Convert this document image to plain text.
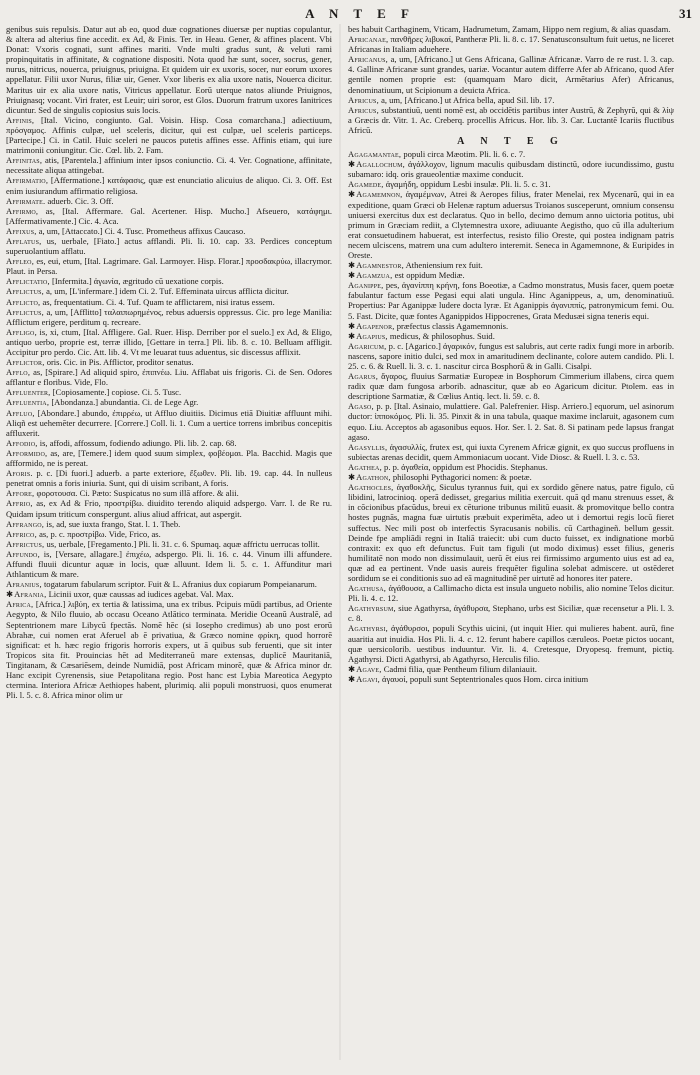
A N T E F	31

genibus suis repulsis. Datur aut ab eo, quod duæ cognationes diuersæ per nuptias copulantur, & altera ad alterius fine accedit. ex Ad, & Finis. Ter. in Heau. Gener, & affines placent. Vbi Donat: Vxoris cognati, sunt affines mariti. Vnde multi gradus sunt, & veluti rami propinquitatis in affinitate, & cognatione dispositi. Nota quod hæ sunt, socer, socrus, gener, nurus, nitricus, nouerca, priuignus, priuigna. Et quidem uir ex uxoris, socer, nur eorum uxores appellatur. Filii uxor Nurus, filiæ uir, Gener. Vxor liberis ex alia uxore natis, Nouerca dicitur. Maritus uir ex alia uxore natis, Vitricus appellatur. Eorū uterque natos aliunde Priuignos, Priuignasq; vocant. Viri frater, est Leuir; uiri soror, est Glos. Duorum fratrum uxores Ianitrices dicuntur. Sed de singulis copiosius suis locis.

Affinis, [Ital. Vicino, congiunto. Gal. Voisin. Hisp. Cosa comarchana.] adiectiuum, πρόσγαμος. Affinis culpæ, uel sceleris, dicitur, qui est culpæ, uel sceleris particeps. [Partecipe.] Ci. in Catil. Huic sceleri ne paucos putetis affines esse. Affinis etiam, qui iure matrimonii coniungitur. Cic. Cœl. lib. 2. Fam.

Affinitas, atis, [Parentela.] affinium inter ipsos coniunctio. Ci. 4. Ver. Cognatione, affinitate, necessitate aliqua attingebat.

Affirmatio, [Affermatione.] κατάφασις, quæ est enunciatio alicuius de aliquo. Ci. 3. Off. Est enim iusiurandum affirmatio religiosa.

Affirmate. aduerb. Cic. 3. Off.

Affirmo, as, [Ital. Affermare. Gal. Acertener. Hisp. Mucho.] Afseuero, κατάφημι. [Affermativamente.] Cic. 4. Aca.

Affixus, a, um, [Attaccato.] Ci. 4. Tusc. Prometheus affixus Caucaso.

Afflatus, us, uerbale, [Fiato.] actus afflandi. Pli. li. 10. cap. 33. Perdices conceptum superuolantium afflatu.

Affleo, es, eui, etum, [Ital. Lagrimare. Gal. Larmoyer. Hisp. Florar.] προσδακρύω, illacrymor. Plaut. in Persa.

Afflictatio, [Infermita.] ἀγωνία, ægritudo cū uexatione corpis.

Afflictus, a, um, [L'infermare.] idem Ci. 2. Tuf. Effeminata uircus afflicta dicitur.

Afflicto, as, frequentatium. Ci. 4. Tuf. Quam te afflictarem, nisi iratus essem.

Afflictus, a, um, [Afflitto] ταλαιπωρημένος, rebus aduersis oppressus. Cic. pro lege Manilia: Afflictum erigere, perditum q. recreare.

Affligo, is, xi, ctum, [Ital. Affligere. Gal. Ruer. Hisp. Derriber por el suelo.] ex Ad, & Eligo, antiquo uerbo, proprie est, terræ illido, [Gettare in terra.] Pli. lib. 8. c. 10. Belluam affligit. Accipitur pro perdo. Cic. Att. lib. 4. Vt me leuarat tuus aduentus, sic discessus afflixit.

Afflictor, oris. Cic. in Pis. Afflictor, proditor senatus.

Afflo, as, [Spirare.] Ad aliquid spiro, ἐπιπνέω. Liu. Afflabat uis frigoris. Ci. de Sen. Odores afflantur e floribus. Vide, Flo.

Affluenter, [Copiosamente.] copiose. Ci. 5. Tusc.

Affluentia, [Abondanza.] abundantia. Ci. de Lege Agr.

Affluo, [Abondare.] abundo, ἐπιρρέω, ut Affluo diuitiis. Dicimus etiā Diuitiæ affluunt mihi. Aliqñ est uehemēter decurrere. [Correre.] Coll. li. 1. Cum a uertice torrens imbribus concepitis affluxerit.

Affodio, is, affodi, affossum, fodiendo adiungo. Pli. lib. 2. cap. 68.

Afformido, as, are, [Temere.] idem quod suum simplex, φοβέομαι. Pla. Bacchid. Magis que affformido, ne is pereat.

Aforis. p. c. [Di fuori.] aduerb. a parte exteriore, ἔξωθεν. Pli. lib. 19. cap. 44. In nulleus penetrat omnis a foris iniuria. Sunt, qui di uisim scribant, A foris.

Affore, φοροτουσα. Ci. Pæto: Suspicatus no sum illā affore. & alii.

Affrio, as, ex Ad & Frio, προστρίβω. diuidito terendo aliquid adspergo. Varr. l. de Re ru. Quidam ipsum triticum conspergunt. alius aliud affricat, aut aspergit.

Affrango, is, ad, sue iuxta frango, Stat. l. 1. Theb.

Affrico, as, p. c. προστρίβω. Vide, Frico, as.

Affrictus, us, uerbale, [Fregamento.] Pli. li. 31. c. 6. Spumaq. aquæ affrictu uerrucas tollit.

Affundo, is, [Versare, allagare.] ἐπιχέω, adspergo. Pli. li. 16. c. 44. Vinum illi affundere. Affundi fluuii dicuntur aquæ in locis, quæ alluunt. Idem li. 5. c. 1. Affunditur mari Athlanticum & mare.

Afranius, togatarum fabularum scriptor. Fuit & L. Afranius dux copiarum Pompeianarum.

✱Afrania, Licinii uxor, quæ caussas ad iudices agebat. Val. Max.

Africa, [Africa.] λιβύη, ex tertia & latissima, una ex tribus. Pcipuis mūdi partibus, ad Oriente Aegypto, & Nilo fluuio, ab occasu Oceano Atlātico terminata. Meridie Oceanū Australē, ad Septentrionem mare Libycū fpectās. Nomē hēc (si Iosepho credimus) ab uno post erorū Abrahæ, cui nomen erat Aferuel ab ē privatiua, & Græco nomine φρίκη, quod horrorē significat: et h. hæc regio frigoris horroris expers, ut ā quibus sub feruenti, que sit inter Tropicos sita fit. Prouincias hēt ad Mediterraneū mare extensas, duplicē Mauritaniā, Tingitanam, & Cæsariēsem, deinde Numidiā, post Africam minorē, quæ & Africa minor dr. Hanc excipit Cyrenensis, siue Petapolitana regio. Post hanc est Lybia Mareotica Aegypto ctermina. Interiora Africæ Aethiopes habent, plurimiq. alii populi monstruosi, quos enumerat Pli. l. 5. c. 8. Africa minor olim ur

bes habuit Carthaginem, Vticam, Hadrumetum, Zamam, Hippo nem regium, & alias quasdam.

Africanae, πανθῆρες λιβυκαί, Pantheræ Pli. li. 8. c. 17. Senatusconsultum fuit uetus, ne liceret Africanas in Italiam aduehere.

Africanus, a, um, [Africano.] ut Gens Africana, Gallinæ Africanæ. Varro de re rust. l. 3. cap. 4. Gallinæ Africanæ sunt grandes, uariæ. Vocantur autem differre Afer ab Africano, quod Afer gentile nomen proprie est: (quamquam Maro dicit, Armētarius Afer) Africanus, denominatiuum, ut Scipionum a deuicta Africa.

Africus, a, um, [Africano.] ut Africa bella, apud Sil. lib. 17.

Africus, substantiuū, uenti nomē est, ab occidētis partibus inter Austrū, & Zephyrū, qui & λίψ a Græcis dr. Vitr. 1. Ac. Creberq. procellis Africus. Hor. lib. 3. Car. Luctantē Icariis fluctibus Africū.

A N T E G

Agagamantae, populi circa Mæotim. Pli. li. 6. c. 7.

✱Agallochum, ἀγάλλοχον, lignum maculis quibusdam distinctū, odore iucundissimo, gustu subamaro: idq. oris graueolentiæ maxime conducit.

Agamede, ἀγαμήδη, oppidum Lesbi insulæ. Pli. li. 5. c. 31.

✱Agamemnon, ἀγαμέμνων, Atrei & Aeropes filius, frater Menelai, rex Mycenarū, qui in ea expeditione, quam Græci ob Helenæ raptum aduersus Troianos susceperunt, omnium consensu uniuersi exercitus dux est declaratus. Quo in bello, decimo demum anno uictoria potitus, ubi primum in Græciam rediit, a Clytemnestra uxore, adiuuante Aegistho, quo cū illa adulterium erat consuetudinem habuerat, est interfectus, resisto filio Oreste, qui postea indignam patris necem ulciscens, matrem una cum adultero interemit. Seneca in Agamemnone, & Euripides in Oreste.

✱Agamnestor, Atheniensium rex fuit.

✱Agamzua, est oppidum Mediæ.

Aganippe, pes, ἀγανίππη κρήνη, fons Boeotiæ, a Cadmo monstratus, Musis facer, quem poetæ fabulantur factum esse Pegasi equi alati ungula. Hinc Aganippeus, a, um, denominatiuū. Propertius: Par Aganippæ ludere docta lyræ. Et Aganippis ἀγανιππίς, patronymicum femi. Ou. 5. Fast. Dicite, quæ fontes Aganippidos Hippocrenes, Grata Medusæi signa teneris equi.

✱Agapenor, præfectus classis Agamemnonis.

✱Agapius, medicus, & philosophus. Suid.

Agaricum, p. c. [Agarico.] ἀγαρικόν, fungus est salubris, aut certe radix fungi more in arborib. nascens, sapore initio dulci, sed mox in amaritudinem declinante, colore autem candido. Pli. l. 25. c. 6. & Ruell. li. 3. c. 1. nascitur circa Bosphorū & in Galli. Cisalpi.

Agarus, ἄγαρος, fluuius Sarmatiæ Europeæ in Bosphorum Cimmerium illabens, circa quem radix quæ dam fungosa arborib. adnascitur, quæ ab eo Agaricum dicitur. Ptolem. eas in descriptione Sarmatiæ, & Cœlius Antiq. lect. li. 59. c. 8.

Agaso, p. p. [Ital. Asinaio, mulattiere. Gal. Palefrenier. Hisp. Arriero.] equorum, uel asinorum ductor: ἱπποκόμος. Pli. li. 35. Pinxit & in una tabula, quaque maxime inclaruit, agasonem cum equo. Liu. Acceptos ab agasonibus equos. Hor. Ser. l. 2. Sat. 8. Si patinam pede lapsus frangat agaso.

Agasyllis, ἀγασυλλίς, frutex est, qui iuxta Cyrenem Africæ gignit, ex quo succus profluens in subiectas arenas decidit, quem Ammoniacum uocant. Vide Diosc. & Ruell. l. 3. c. 53.

Agathea, p. p. ἀγαθεία, oppidum est Phocidis. Stephanus.

✱Agathon, philosophi Pythagorici nomen: & poetæ.

Agathocles, ἀγαθοκλῆς, Siculus tyrannus fuit, qui ex sordido gēnere natus, patre figulo, cū libidini, latrocinioq. operā dedisset, gregarius militia exercuit. quā qd manu strenuus esset, & in cōcionibus pfacūdus, breui ex cēturione tribunus militū euasit. & promovitque bello contra hostes pugnās, magna fuæ uirtutis præbuit experimēta, adeo ut i demortui regis locū fieret suffectus. Nec mili post ob interfectis Syracusanis nobilis. cū Carthagineñ. bellum gessit. Deinde fpe ampliādi regni in Italiā traiecit: ubi cum ducto fuisset, ex indignatione morbū contraxit: ex quo eft defunctus. Fuit tam figuli (ut modo diximus) esset filius, generis humilitatē non modo non dissimulauit, uerū ēt eius rei firmissimo argumento uius est ad ea, quæ ad ea pertinent. Vnde uasis aureis frequēter figulina solebat admiscere. ut ostēderet sordidum se ei conditionis suo ad eā magnitudinē per uirtutē ad honores iter patere.

Agathusa, ἀγάθουσα, a Callimacho dicta est insula ungueto nobilis, alio nomine Telos dicitur. Pli. li. 4. c. 12.

Agathyrsum, siue Agathyrsa, ἀγάθυρσα, Stephano, urbs est Siciliæ, quæ recensetur a Pli. l. 3. c. 8.

Agathyrsi, ἀγάθυρσοι, populi Scythis uicini, (ut inquit Hier. qui mulieres habent. aurū, fine auaritia aut inuidia. Hos Pli. li. 4. c. 12. ferunt habere capillos cæruleos. Poetæ pictos uocant, quæ uersicolorib. uestibus induuntur. Vir. li. 4. Cretesque, Dryopesq. fremunt, pictiq. Agathyrsi. Dicti Agathyrsi, ab Agathyrso, Herculis filio.

✱Agave, Cadmi filia, quæ Pentheum filium dilaniauit.

✱Agavi, ἀγαυοί, populi sunt Septentrionales quos Hom. circa initium
